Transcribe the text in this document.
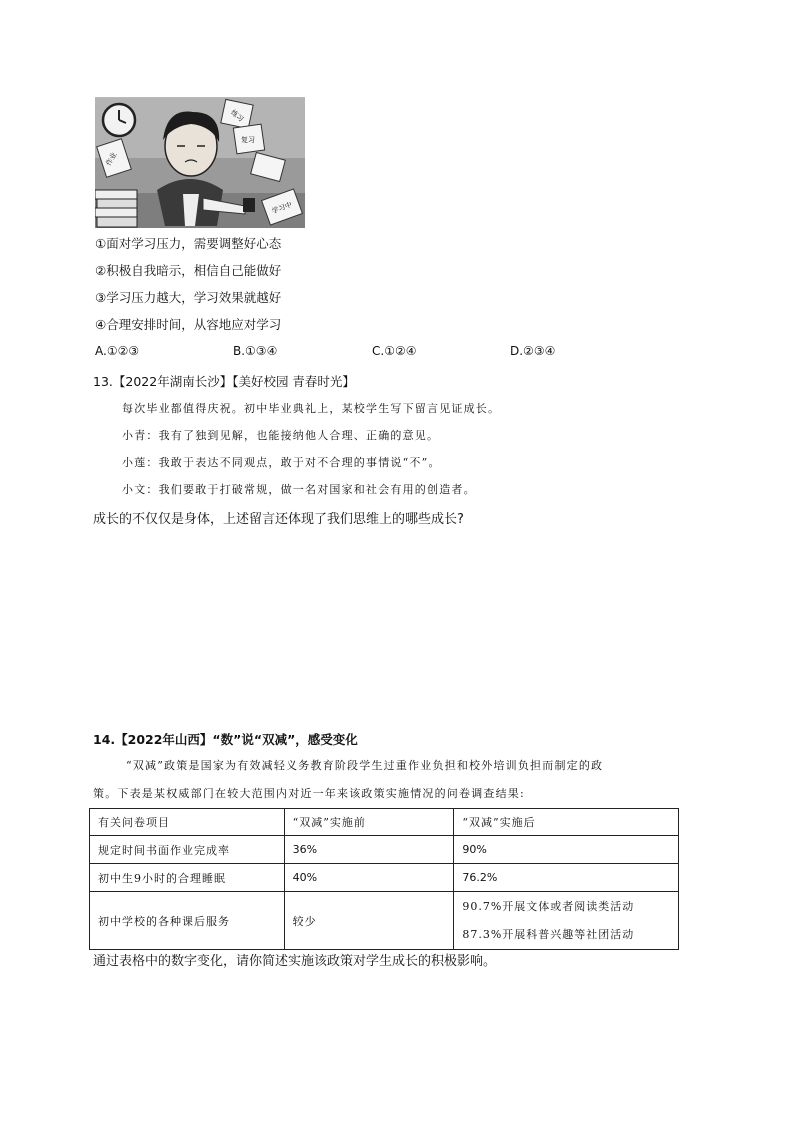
作业
练习
复习
学习中
①面对学习压力，需要调整好心态
②积极自我暗示，相信自己能做好
③学习压力越大，学习效果就越好
④合理安排时间，从容地应对学习
A.①②③	B.①③④	C.①②④	D.②③④
13.【2022年湖南长沙】【美好校园 青春时光】
每次毕业都值得庆祝。初中毕业典礼上，某校学生写下留言见证成长。
小青：我有了独到见解，也能接纳他人合理、正确的意见。
小莲：我敢于表达不同观点，敢于对不合理的事情说“不”。
小文：我们要敢于打破常规，做一名对国家和社会有用的创造者。
成长的不仅仅是身体，上述留言还体现了我们思维上的哪些成长?
14.【2022年山西】“数”说“双减”，感受变化
“双减”政策是国家为有效减轻义务教育阶段学生过重作业负担和校外培训负担而制定的政
策。下表是某权威部门在较大范围内对近一年来该政策实施情况的问卷调查结果:
有关问卷项目	“双减”实施前	“双减”实施后
规定时间书面作业完成率	36%	90%
初中生9小时的合理睡眠	40%	76.2%
初中学校的各种课后服务	较少	90.7%开展文体或者阅读类活动
87.3%开展科普兴趣等社团活动
通过表格中的数字变化，请你简述实施该政策对学生成长的积极影响。
